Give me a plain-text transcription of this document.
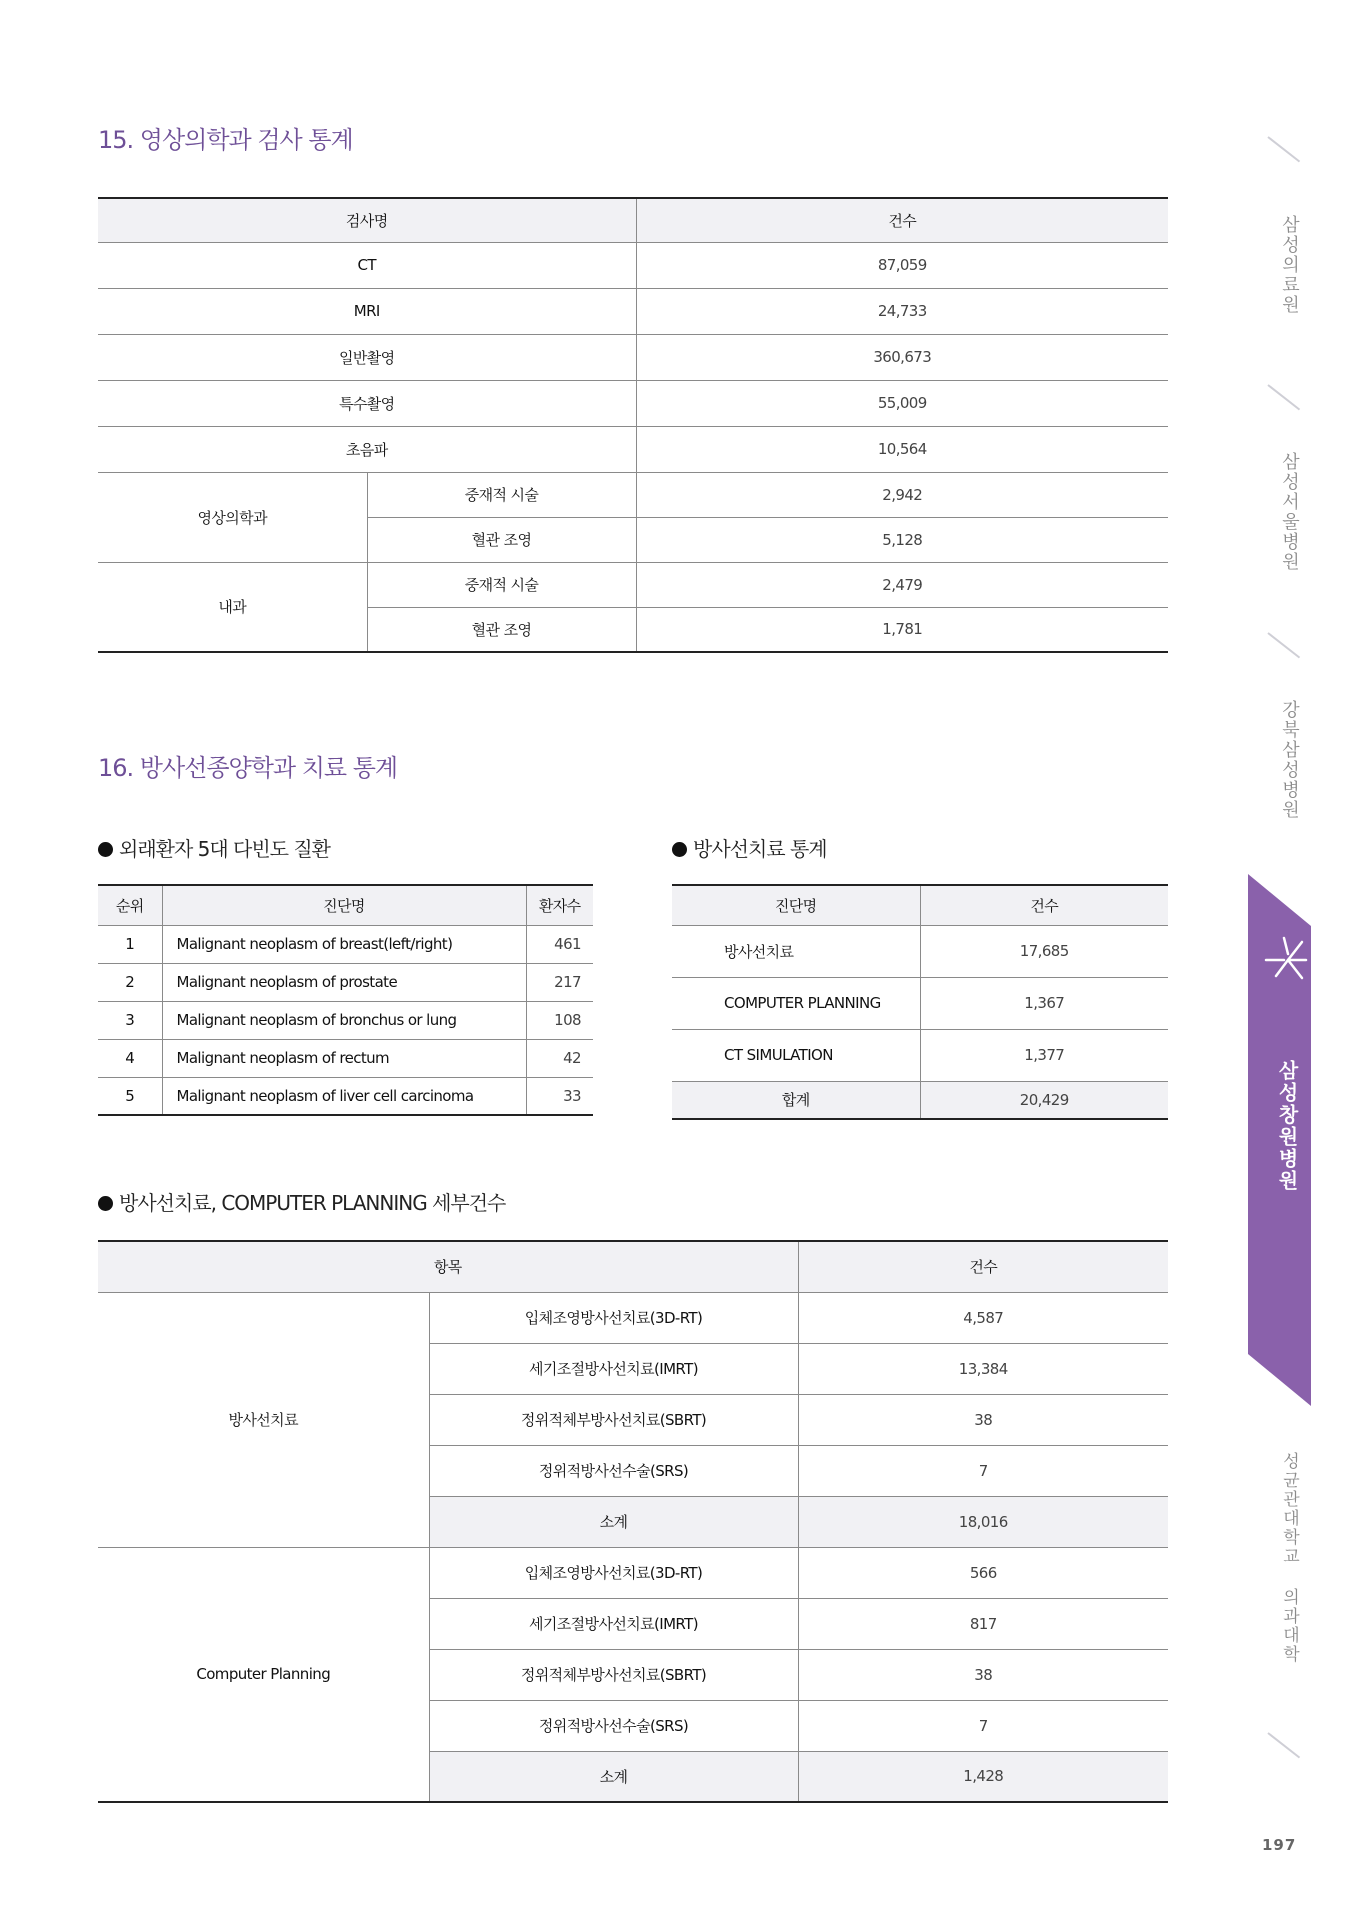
15. 영상의학과 검사 통계
검사명		건수
CT		87,059
MRI		24,733
일반촬영		360,673
특수촬영		55,009
초음파		10,564
영상의학과	중재적 시술	2,942
	혈관 조영	5,128
내과	중재적 시술	2,479
	혈관 조영	1,781
16. 방사선종양학과 치료 통계
외래환자 5대 다빈도 질환
순위	진단명	환자수
1	Malignant neoplasm of breast(left/right)	461
2	Malignant neoplasm of prostate	217
3	Malignant neoplasm of bronchus or lung	108
4	Malignant neoplasm of rectum	42
5	Malignant neoplasm of liver cell carcinoma	33
방사선치료 통계
진단명	건수
방사선치료	17,685
COMPUTER PLANNING	1,367
CT SIMULATION	1,377
합계	20,429
방사선치료, COMPUTER PLANNING 세부건수
항목		건수
방사선치료	입체조영방사선치료(3D-RT)	4,587
	세기조절방사선치료(IMRT)	13,384
	정위적체부방사선치료(SBRT)	38
	정위적방사선수술(SRS)	7
	소계	18,016
Computer Planning	입체조영방사선치료(3D-RT)	566
	세기조절방사선치료(IMRT)	817
	정위적체부방사선치료(SBRT)	38
	정위적방사선수술(SRS)	7
	소계	1,428
삼성의료원
삼성서울병원
강북삼성병원
삼성창원병원
성균관대학교 의과대학
197
